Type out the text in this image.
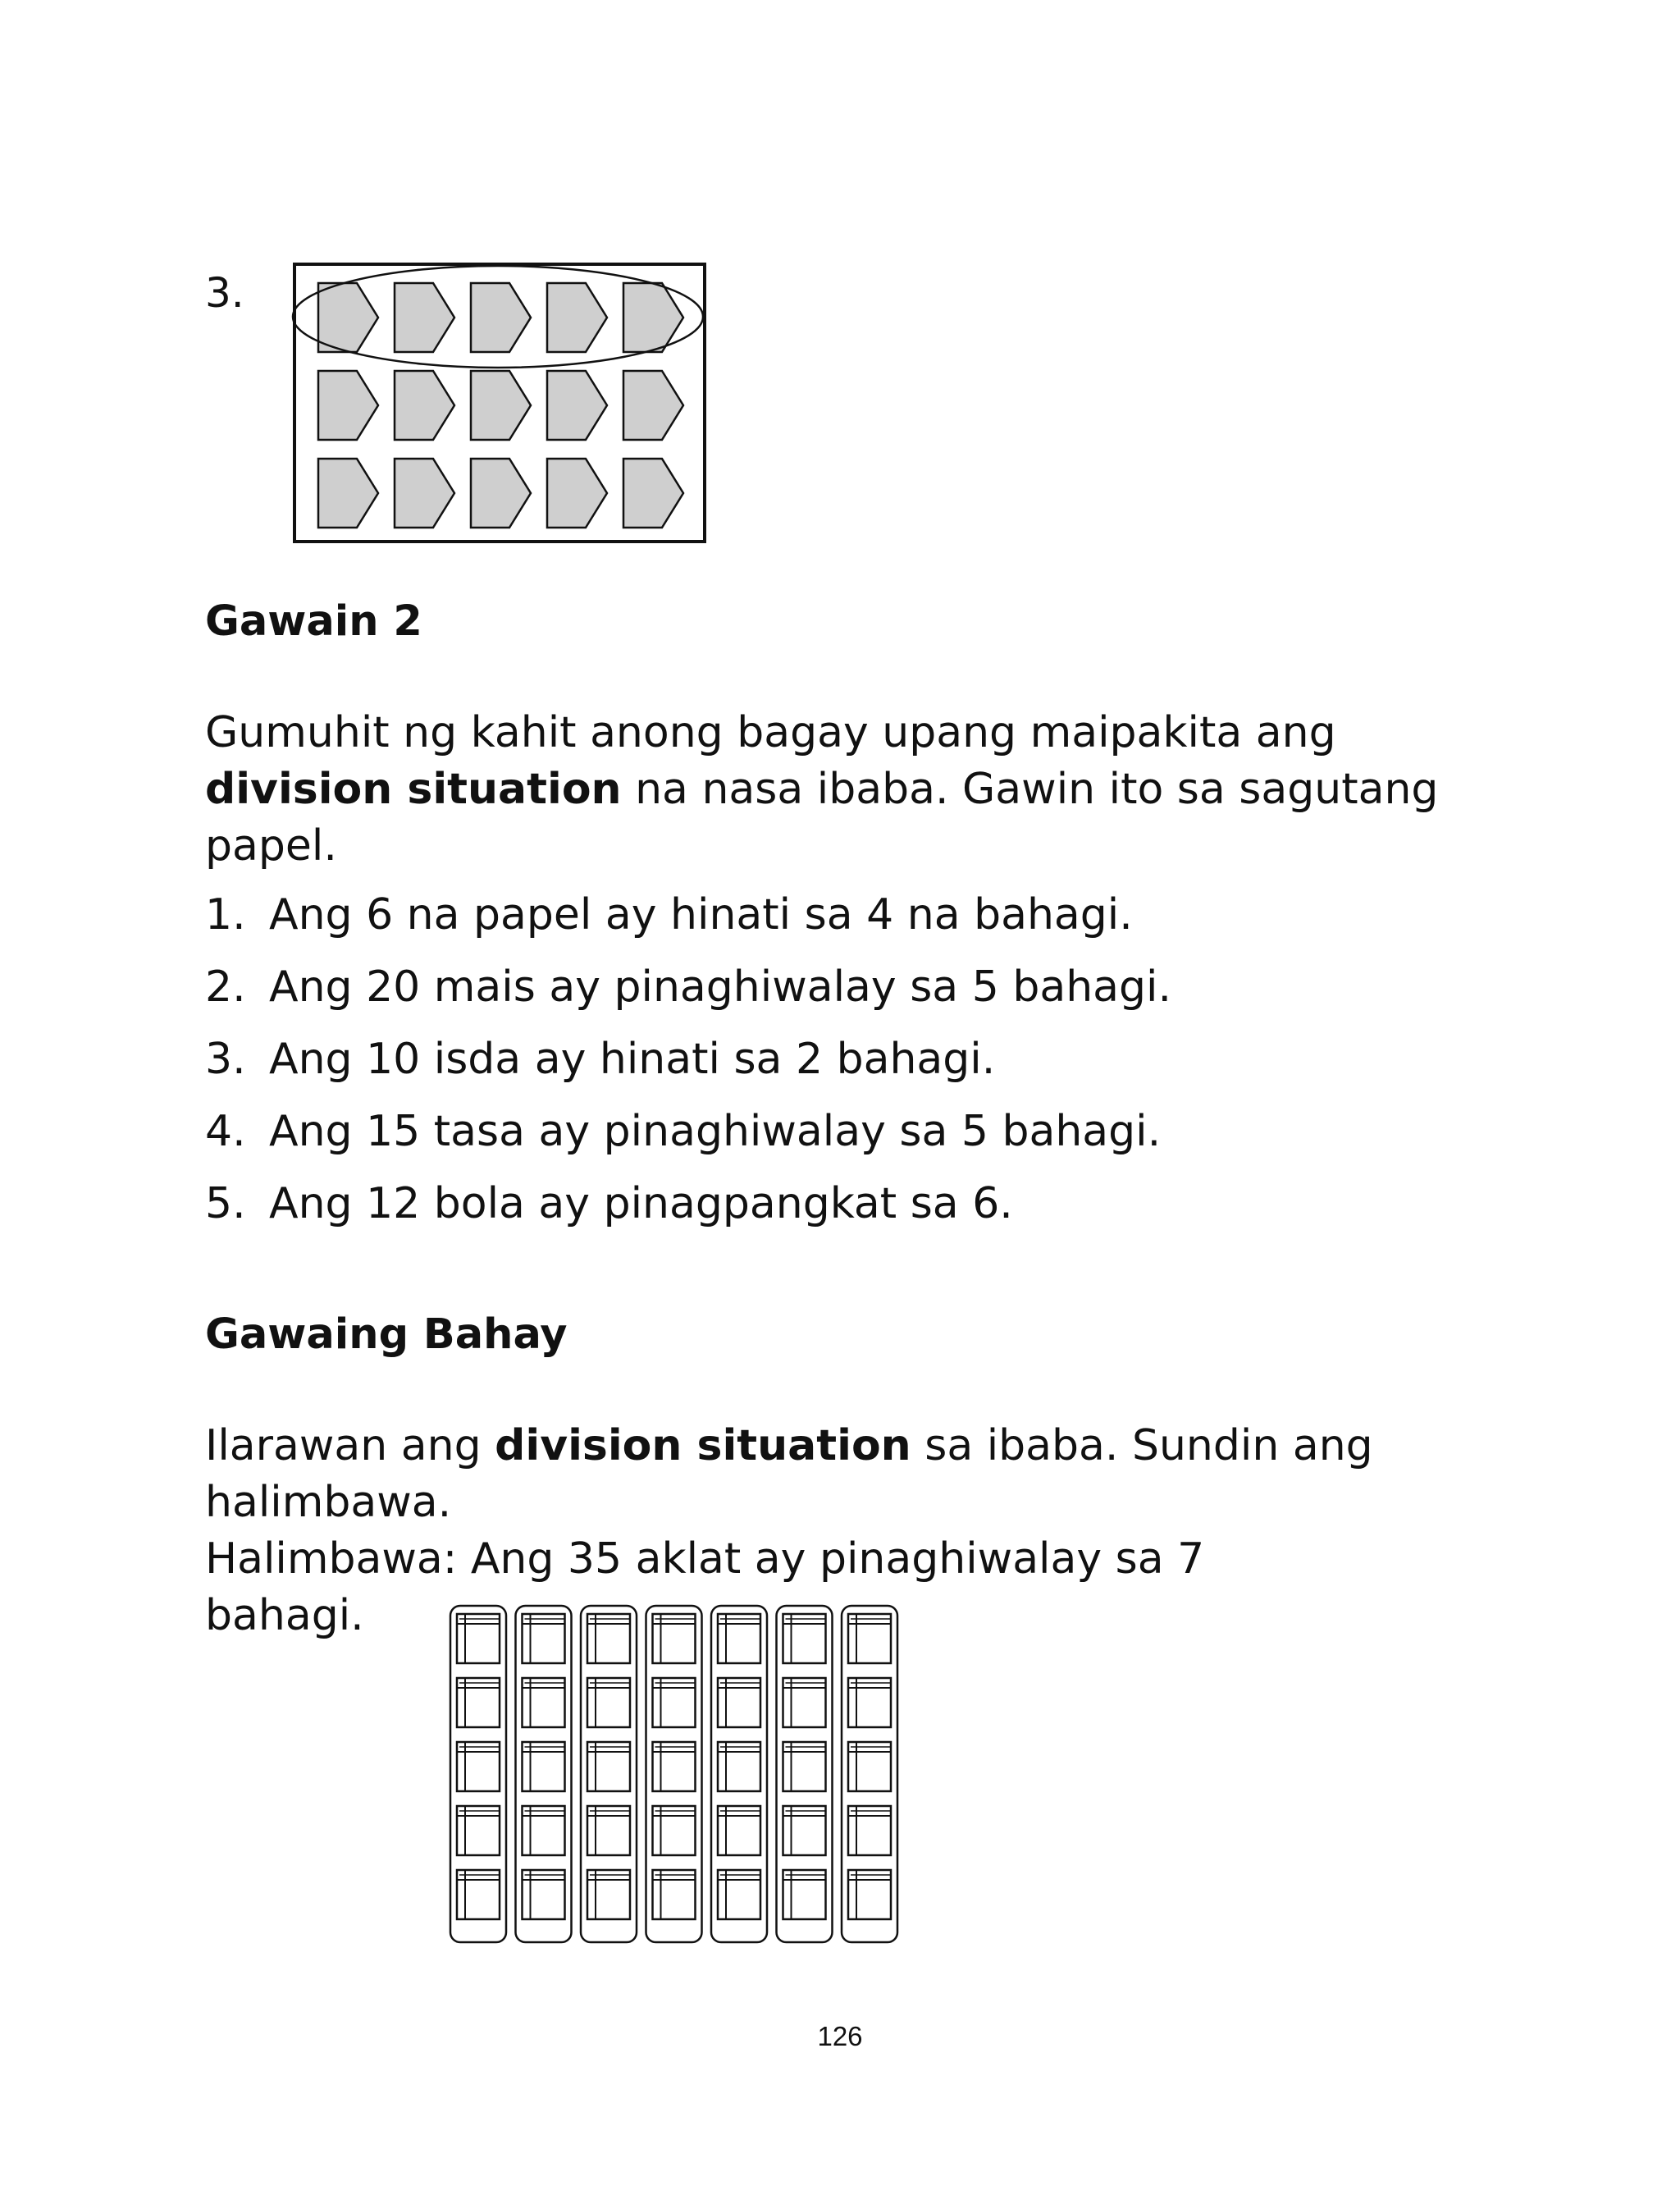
3.
Gawain 2
Gumuhit ng kahit anong bagay upang maipakita ang division situation na nasa ibaba. Gawin ito sa sagutang papel.
1. Ang 6 na papel ay hinati sa 4 na bahagi.
2. Ang 20 mais ay pinaghiwalay sa 5 bahagi.
3. Ang 10 isda ay hinati sa 2 bahagi.
4. Ang 15 tasa ay pinaghiwalay sa 5 bahagi.
5. Ang 12 bola ay pinagpangkat sa 6.
Gawaing Bahay
Ilarawan ang division situation sa ibaba. Sundin ang halimbawa.
Halimbawa: Ang 35 aklat ay pinaghiwalay sa 7
bahagi.
126
